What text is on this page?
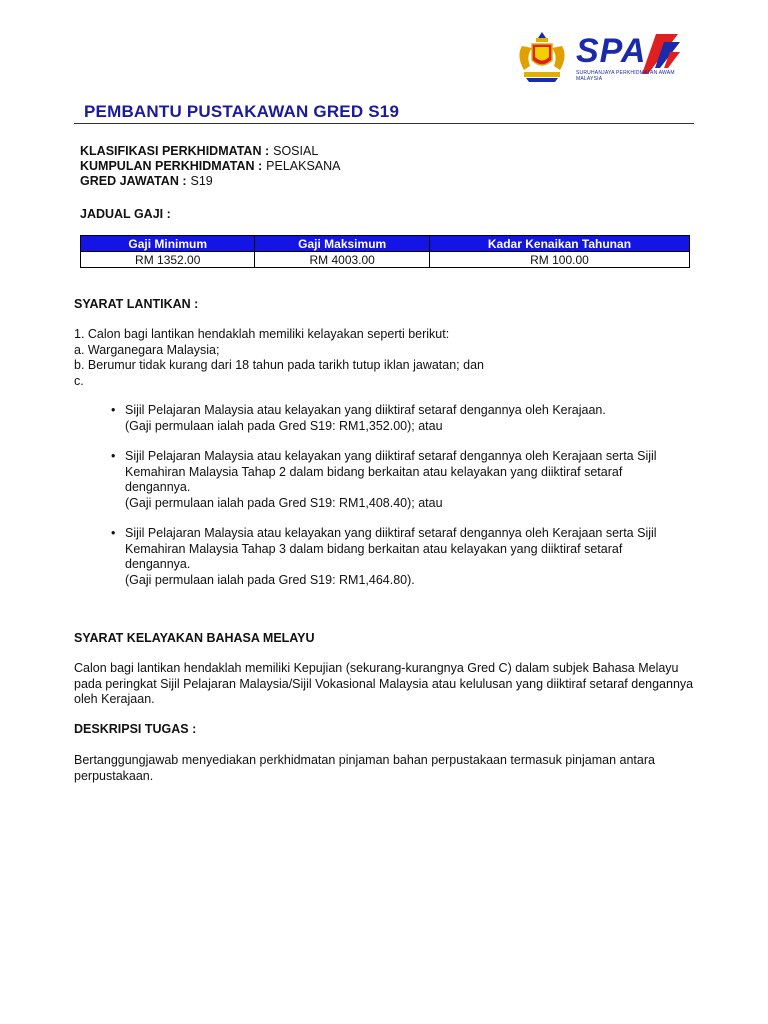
SPA
SURUHANJAYA PERKHIDMATAN AWAM MALAYSIA
PEMBANTU PUSTAKAWAN GRED S19
KLASIFIKASI PERKHIDMATAN : SOSIAL
KUMPULAN PERKHIDMATAN : PELAKSANA
GRED JAWATAN : S19
JADUAL GAJI :
Gaji Minimum	Gaji Maksimum	Kadar Kenaikan Tahunan
RM 1352.00	RM 4003.00	RM 100.00
SYARAT LANTIKAN :
1. Calon bagi lantikan hendaklah memiliki kelayakan seperti berikut:
a. Warganegara Malaysia;
b. Berumur tidak kurang dari 18 tahun pada tarikh tutup iklan jawatan; dan
c.
• Sijil Pelajaran Malaysia atau kelayakan yang diiktiraf setaraf dengannya oleh Kerajaan.
(Gaji permulaan ialah pada Gred S19: RM1,352.00); atau
• Sijil Pelajaran Malaysia atau kelayakan yang diiktiraf setaraf dengannya oleh Kerajaan serta Sijil Kemahiran Malaysia Tahap 2 dalam bidang berkaitan atau kelayakan yang diiktiraf setaraf dengannya.
(Gaji permulaan ialah pada Gred S19: RM1,408.40); atau
• Sijil Pelajaran Malaysia atau kelayakan yang diiktiraf setaraf dengannya oleh Kerajaan serta Sijil Kemahiran Malaysia Tahap 3 dalam bidang berkaitan atau kelayakan yang diiktiraf setaraf dengannya.
(Gaji permulaan ialah pada Gred S19: RM1,464.80).
SYARAT KELAYAKAN BAHASA MELAYU
Calon bagi lantikan hendaklah memiliki Kepujian (sekurang-kurangnya Gred C) dalam subjek Bahasa Melayu pada peringkat Sijil Pelajaran Malaysia/Sijil Vokasional Malaysia atau kelulusan yang diiktiraf setaraf dengannya oleh Kerajaan.
DESKRIPSI TUGAS :
Bertanggungjawab menyediakan perkhidmatan pinjaman bahan perpustakaan termasuk pinjaman antara perpustakaan.
